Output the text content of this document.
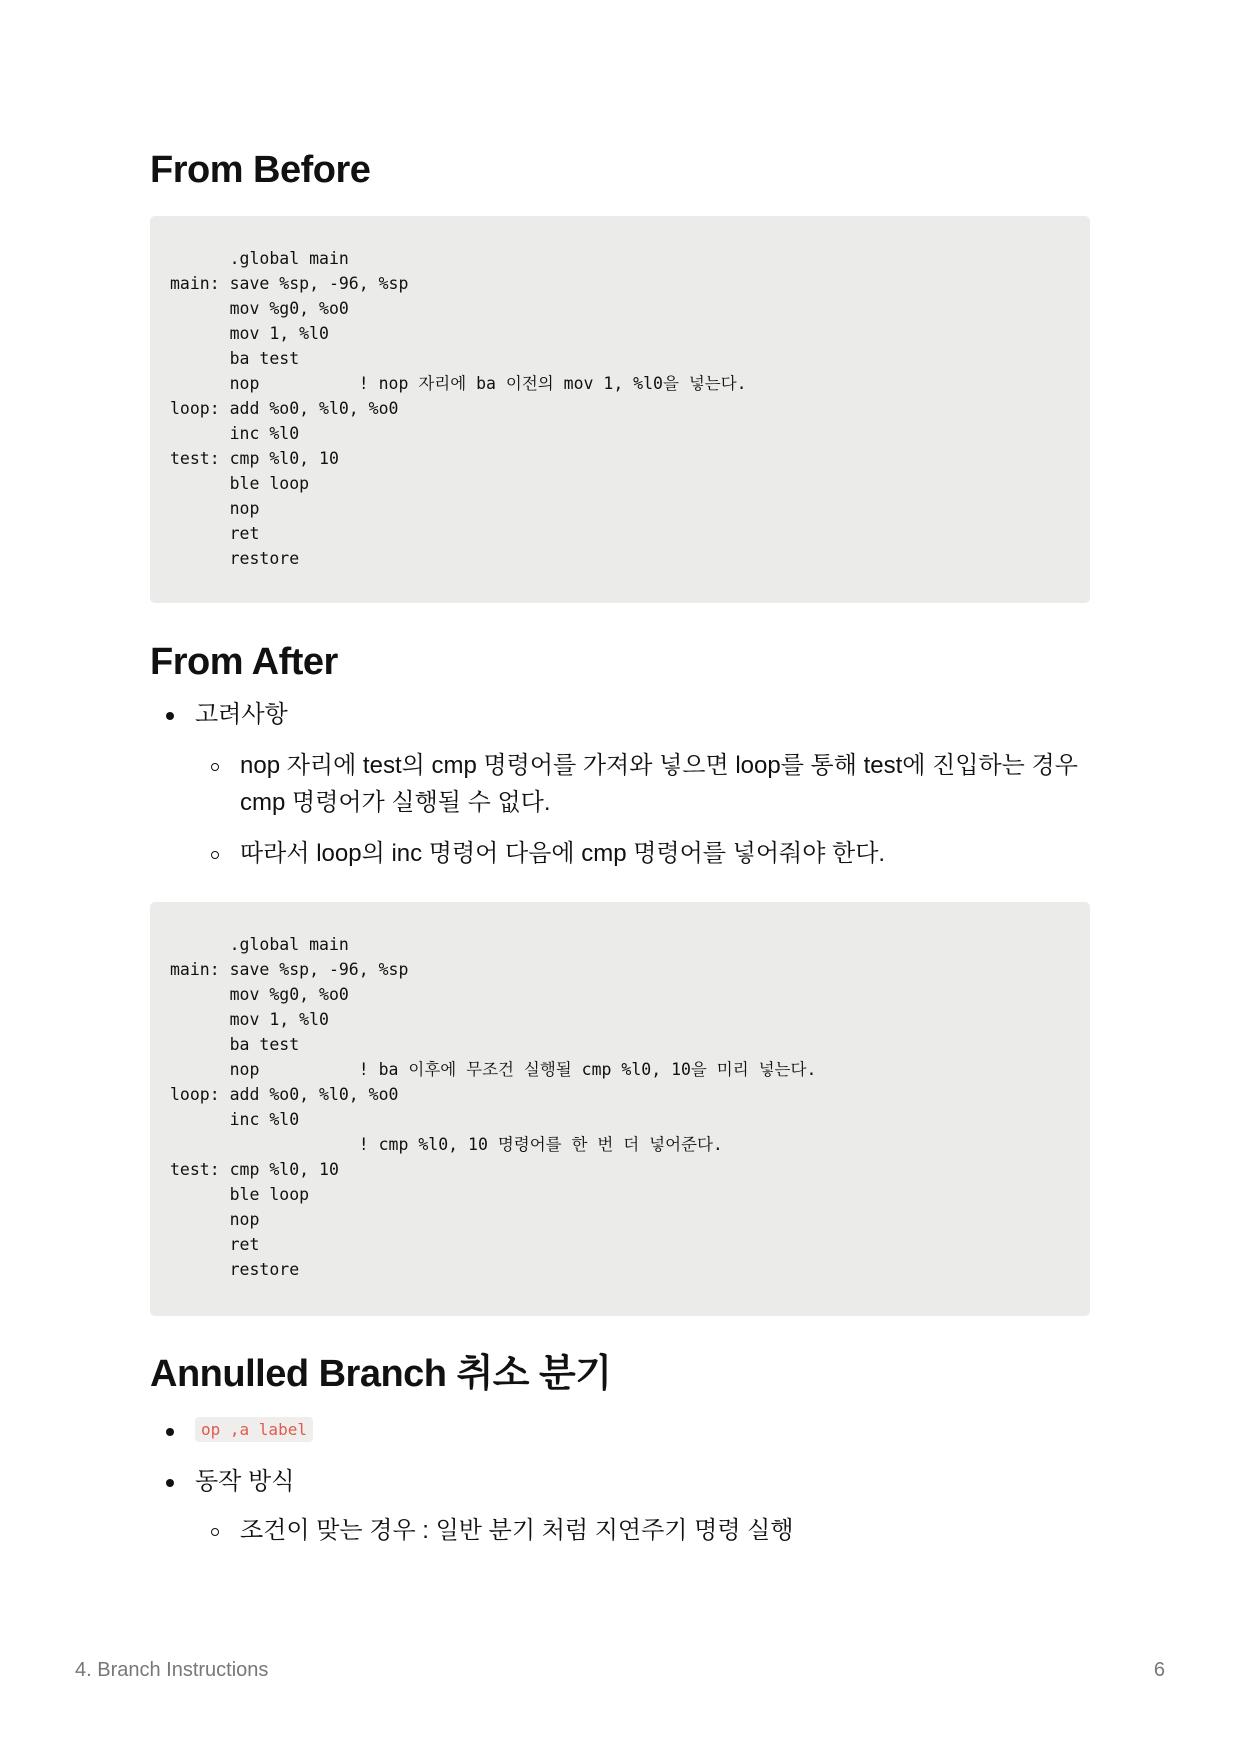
From Before
.global main
main: save %sp, -96, %sp
mov %g0, %o0
mov 1, %l0
ba test
nop          ! nop 자리에 ba 이전의 mov 1, %l0을 넣는다.
loop: add %o0, %l0, %o0
inc %l0
test: cmp %l0, 10
ble loop
nop
ret
restore
From After
고려사항
nop 자리에 test의 cmp 명령어를 가져와 넣으면 loop를 통해 test에 진입하는 경우 cmp 명령어가 실행될 수 없다.
따라서 loop의 inc 명령어 다음에 cmp 명령어를 넣어줘야 한다.
.global main
main: save %sp, -96, %sp
mov %g0, %o0
mov 1, %l0
ba test
nop          ! ba 이후에 무조건 실행될 cmp %l0, 10을 미리 넣는다.
loop: add %o0, %l0, %o0
inc %l0
! cmp %l0, 10 명령어를 한 번 더 넣어준다.
test: cmp %l0, 10
ble loop
nop
ret
restore
Annulled Branch 취소 분기
op ,a label
동작 방식
조건이 맞는 경우 : 일반 분기 처럼 지연주기 명령 실행
4. Branch Instructions	6
